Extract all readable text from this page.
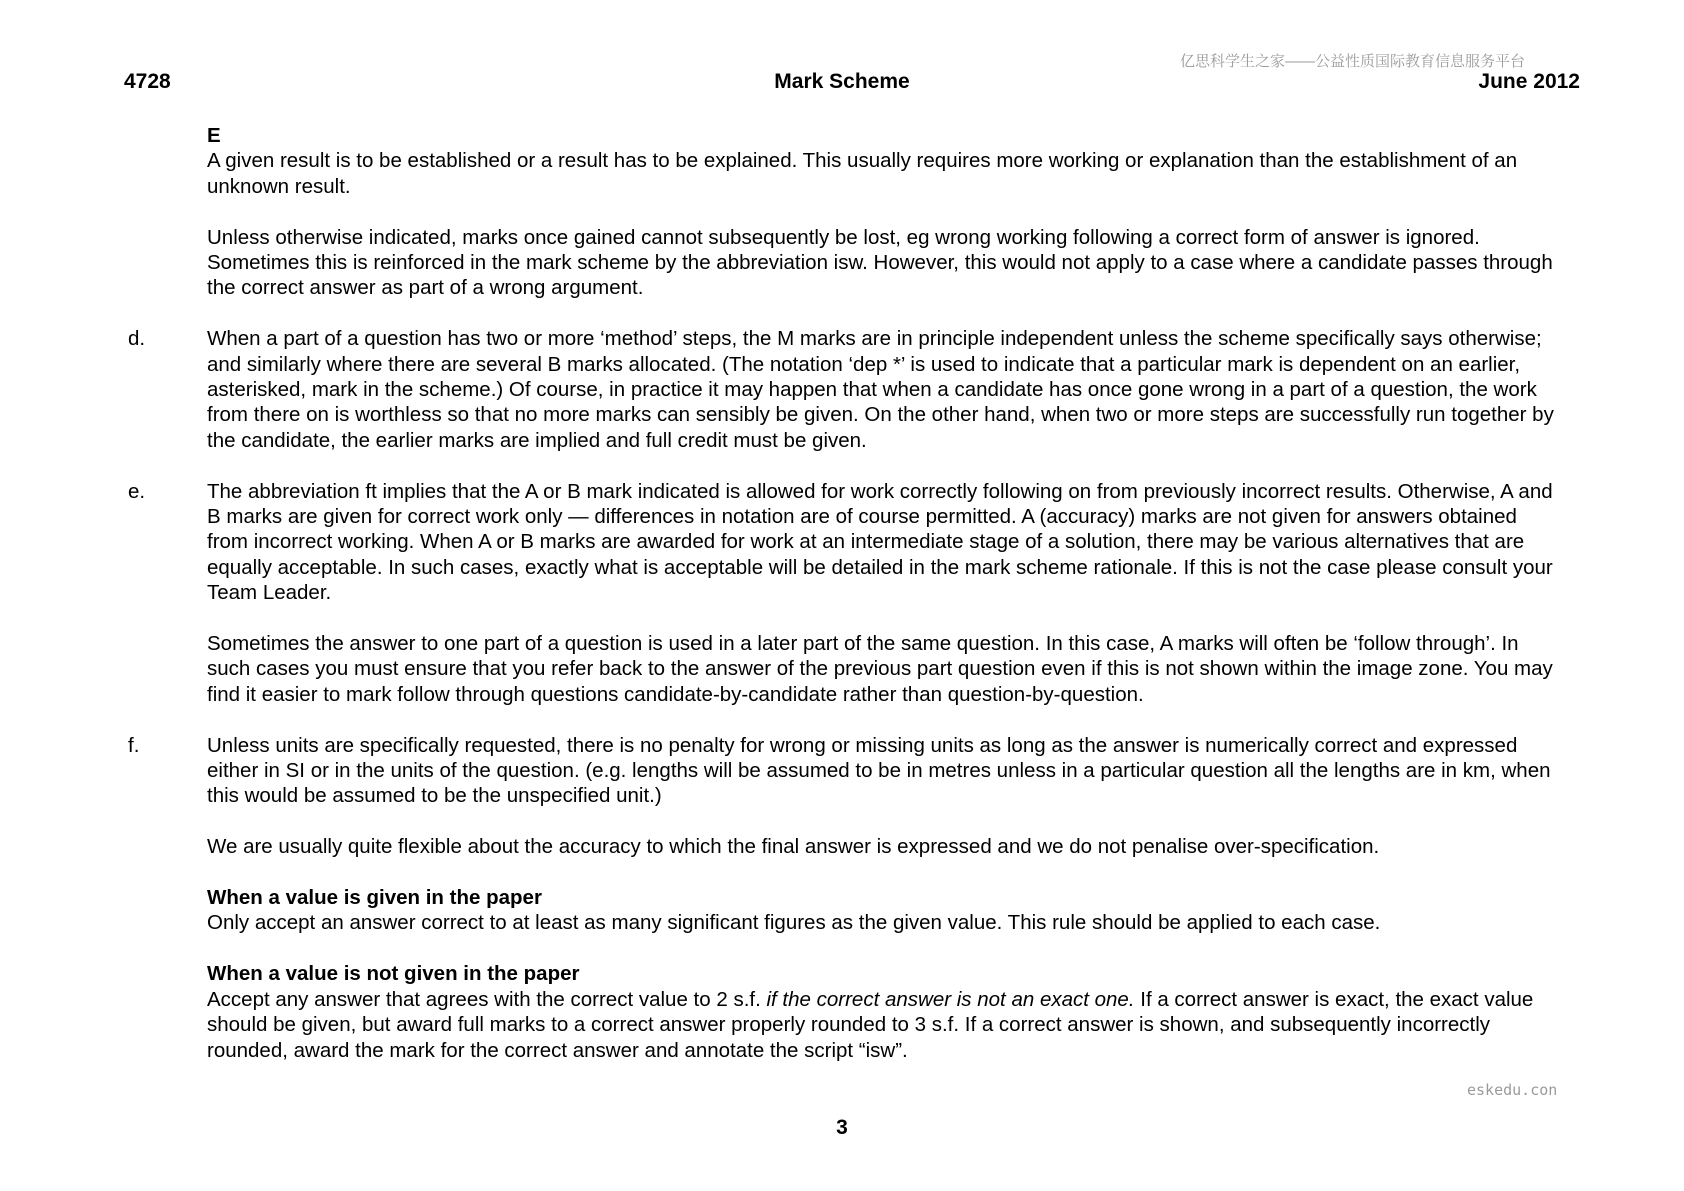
4728	Mark Scheme	June 2012
亿思科学生之家——公益性质国际教育信息服务平台

E

A given result is to be established or a result has to be explained. This usually requires more working or explanation than the establishment of an unknown result.

Unless otherwise indicated, marks once gained cannot subsequently be lost, eg wrong working following a correct form of answer is ignored. Sometimes this is reinforced in the mark scheme by the abbreviation isw. However, this would not apply to a case where a candidate passes through the correct answer as part of a wrong argument.

d.	When a part of a question has two or more ‘method’ steps, the M marks are in principle independent unless the scheme specifically says otherwise; and similarly where there are several B marks allocated. (The notation ‘dep *’ is used to indicate that a particular mark is dependent on an earlier, asterisked, mark in the scheme.) Of course, in practice it may happen that when a candidate has once gone wrong in a part of a question, the work from there on is worthless so that no more marks can sensibly be given. On the other hand, when two or more steps are successfully run together by the candidate, the earlier marks are implied and full credit must be given.

e.	The abbreviation ft implies that the A or B mark indicated is allowed for work correctly following on from previously incorrect results. Otherwise, A and B marks are given for correct work only — differences in notation are of course permitted. A (accuracy) marks are not given for answers obtained from incorrect working. When A or B marks are awarded for work at an intermediate stage of a solution, there may be various alternatives that are equally acceptable. In such cases, exactly what is acceptable will be detailed in the mark scheme rationale. If this is not the case please consult your Team Leader.

Sometimes the answer to one part of a question is used in a later part of the same question. In this case, A marks will often be ‘follow through’. In such cases you must ensure that you refer back to the answer of the previous part question even if this is not shown within the image zone. You may find it easier to mark follow through questions candidate-by-candidate rather than question-by-question.

f.	Unless units are specifically requested, there is no penalty for wrong or missing units as long as the answer is numerically correct and expressed either in SI or in the units of the question. (e.g. lengths will be assumed to be in metres unless in a particular question all the lengths are in km, when this would be assumed to be the unspecified unit.)

We are usually quite flexible about the accuracy to which the final answer is expressed and we do not penalise over-specification.

When a value is given in the paper

Only accept an answer correct to at least as many significant figures as the given value. This rule should be applied to each case.

When a value is not given in the paper

Accept any answer that agrees with the correct value to 2 s.f. if the correct answer is not an exact one. If a correct answer is exact, the exact value should be given, but award full marks to a correct answer properly rounded to 3 s.f. If a correct answer is shown, and subsequently incorrectly rounded, award the mark for the correct answer and annotate the script “isw”.

eskedu.con
3
